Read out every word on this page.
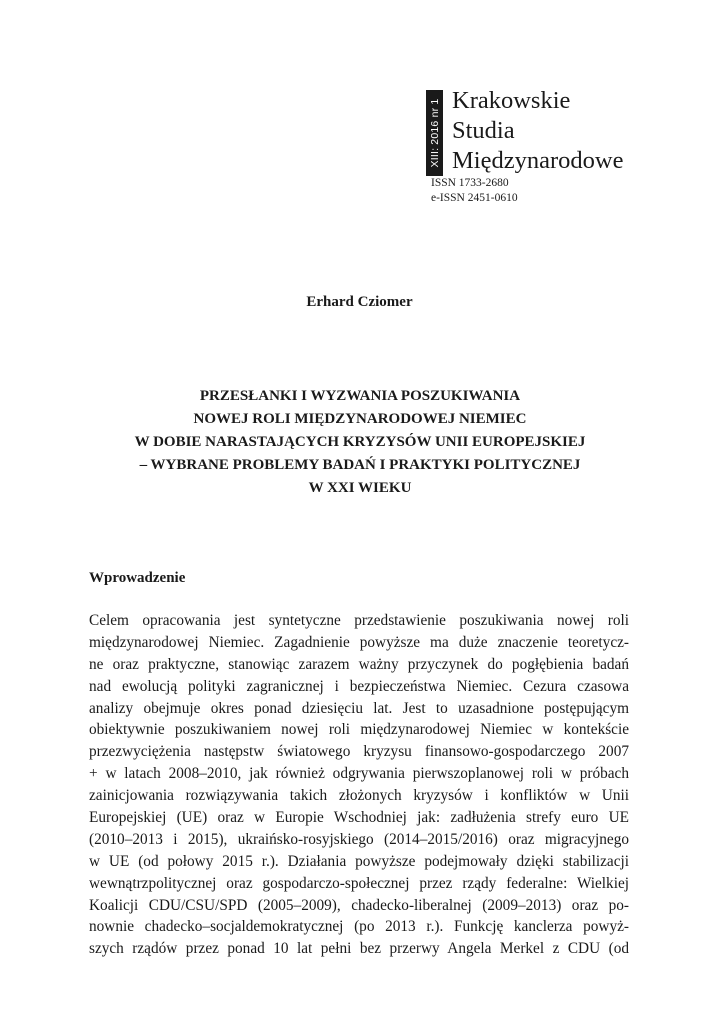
XIII: 2016 nr 1 Krakowskie
Studia
Międzynarodowe
ISSN 1733-2680
e-ISSN 2451-0610
Erhard Cziomer
PRZESŁANKI I WYZWANIA POSZUKIWANIA
NOWEJ ROLI MIĘDZYNARODOWEJ NIEMIEC
W DOBIE NARASTAJĄCYCH KRYZYSÓW UNII EUROPEJSKIEJ
– WYBRANE PROBLEMY BADAŃ I PRAKTYKI POLITYCZNEJ
W XXI WIEKU
Wprowadzenie
Celem opracowania jest syntetyczne przedstawienie poszukiwania nowej roli
międzynarodowej Niemiec. Zagadnienie powyższe ma duże znaczenie teoretycz-
ne oraz praktyczne, stanowiąc zarazem ważny przyczynek do pogłębienia badań
nad ewolucją polityki zagranicznej i bezpieczeństwa Niemiec. Cezura czasowa
analizy obejmuje okres ponad dziesięciu lat. Jest to uzasadnione postępującym
obiektywnie poszukiwaniem nowej roli międzynarodowej Niemiec w kontekście
przezwyciężenia następstw światowego kryzysu finansowo-gospodarczego 2007
+ w latach 2008–2010, jak również odgrywania pierwszoplanowej roli w próbach
zainicjowania rozwiązywania takich złożonych kryzysów i konfliktów w Unii
Europejskiej (UE) oraz w Europie Wschodniej jak: zadłużenia strefy euro UE
(2010–2013 i 2015), ukraińsko-rosyjskiego (2014–2015/2016) oraz migracyjnego
w UE (od połowy 2015 r.). Działania powyższe podejmowały dzięki stabilizacji
wewnątrzpolitycznej oraz gospodarczo-społecznej przez rządy federalne: Wielkiej
Koalicji CDU/CSU/SPD (2005–2009), chadecko-liberalnej (2009–2013) oraz po-
nownie chadecko–socjaldemokratycznej (po 2013 r.). Funkcję kanclerza powyż-
szych rządów przez ponad 10 lat pełni bez przerwy Angela Merkel z CDU (od
